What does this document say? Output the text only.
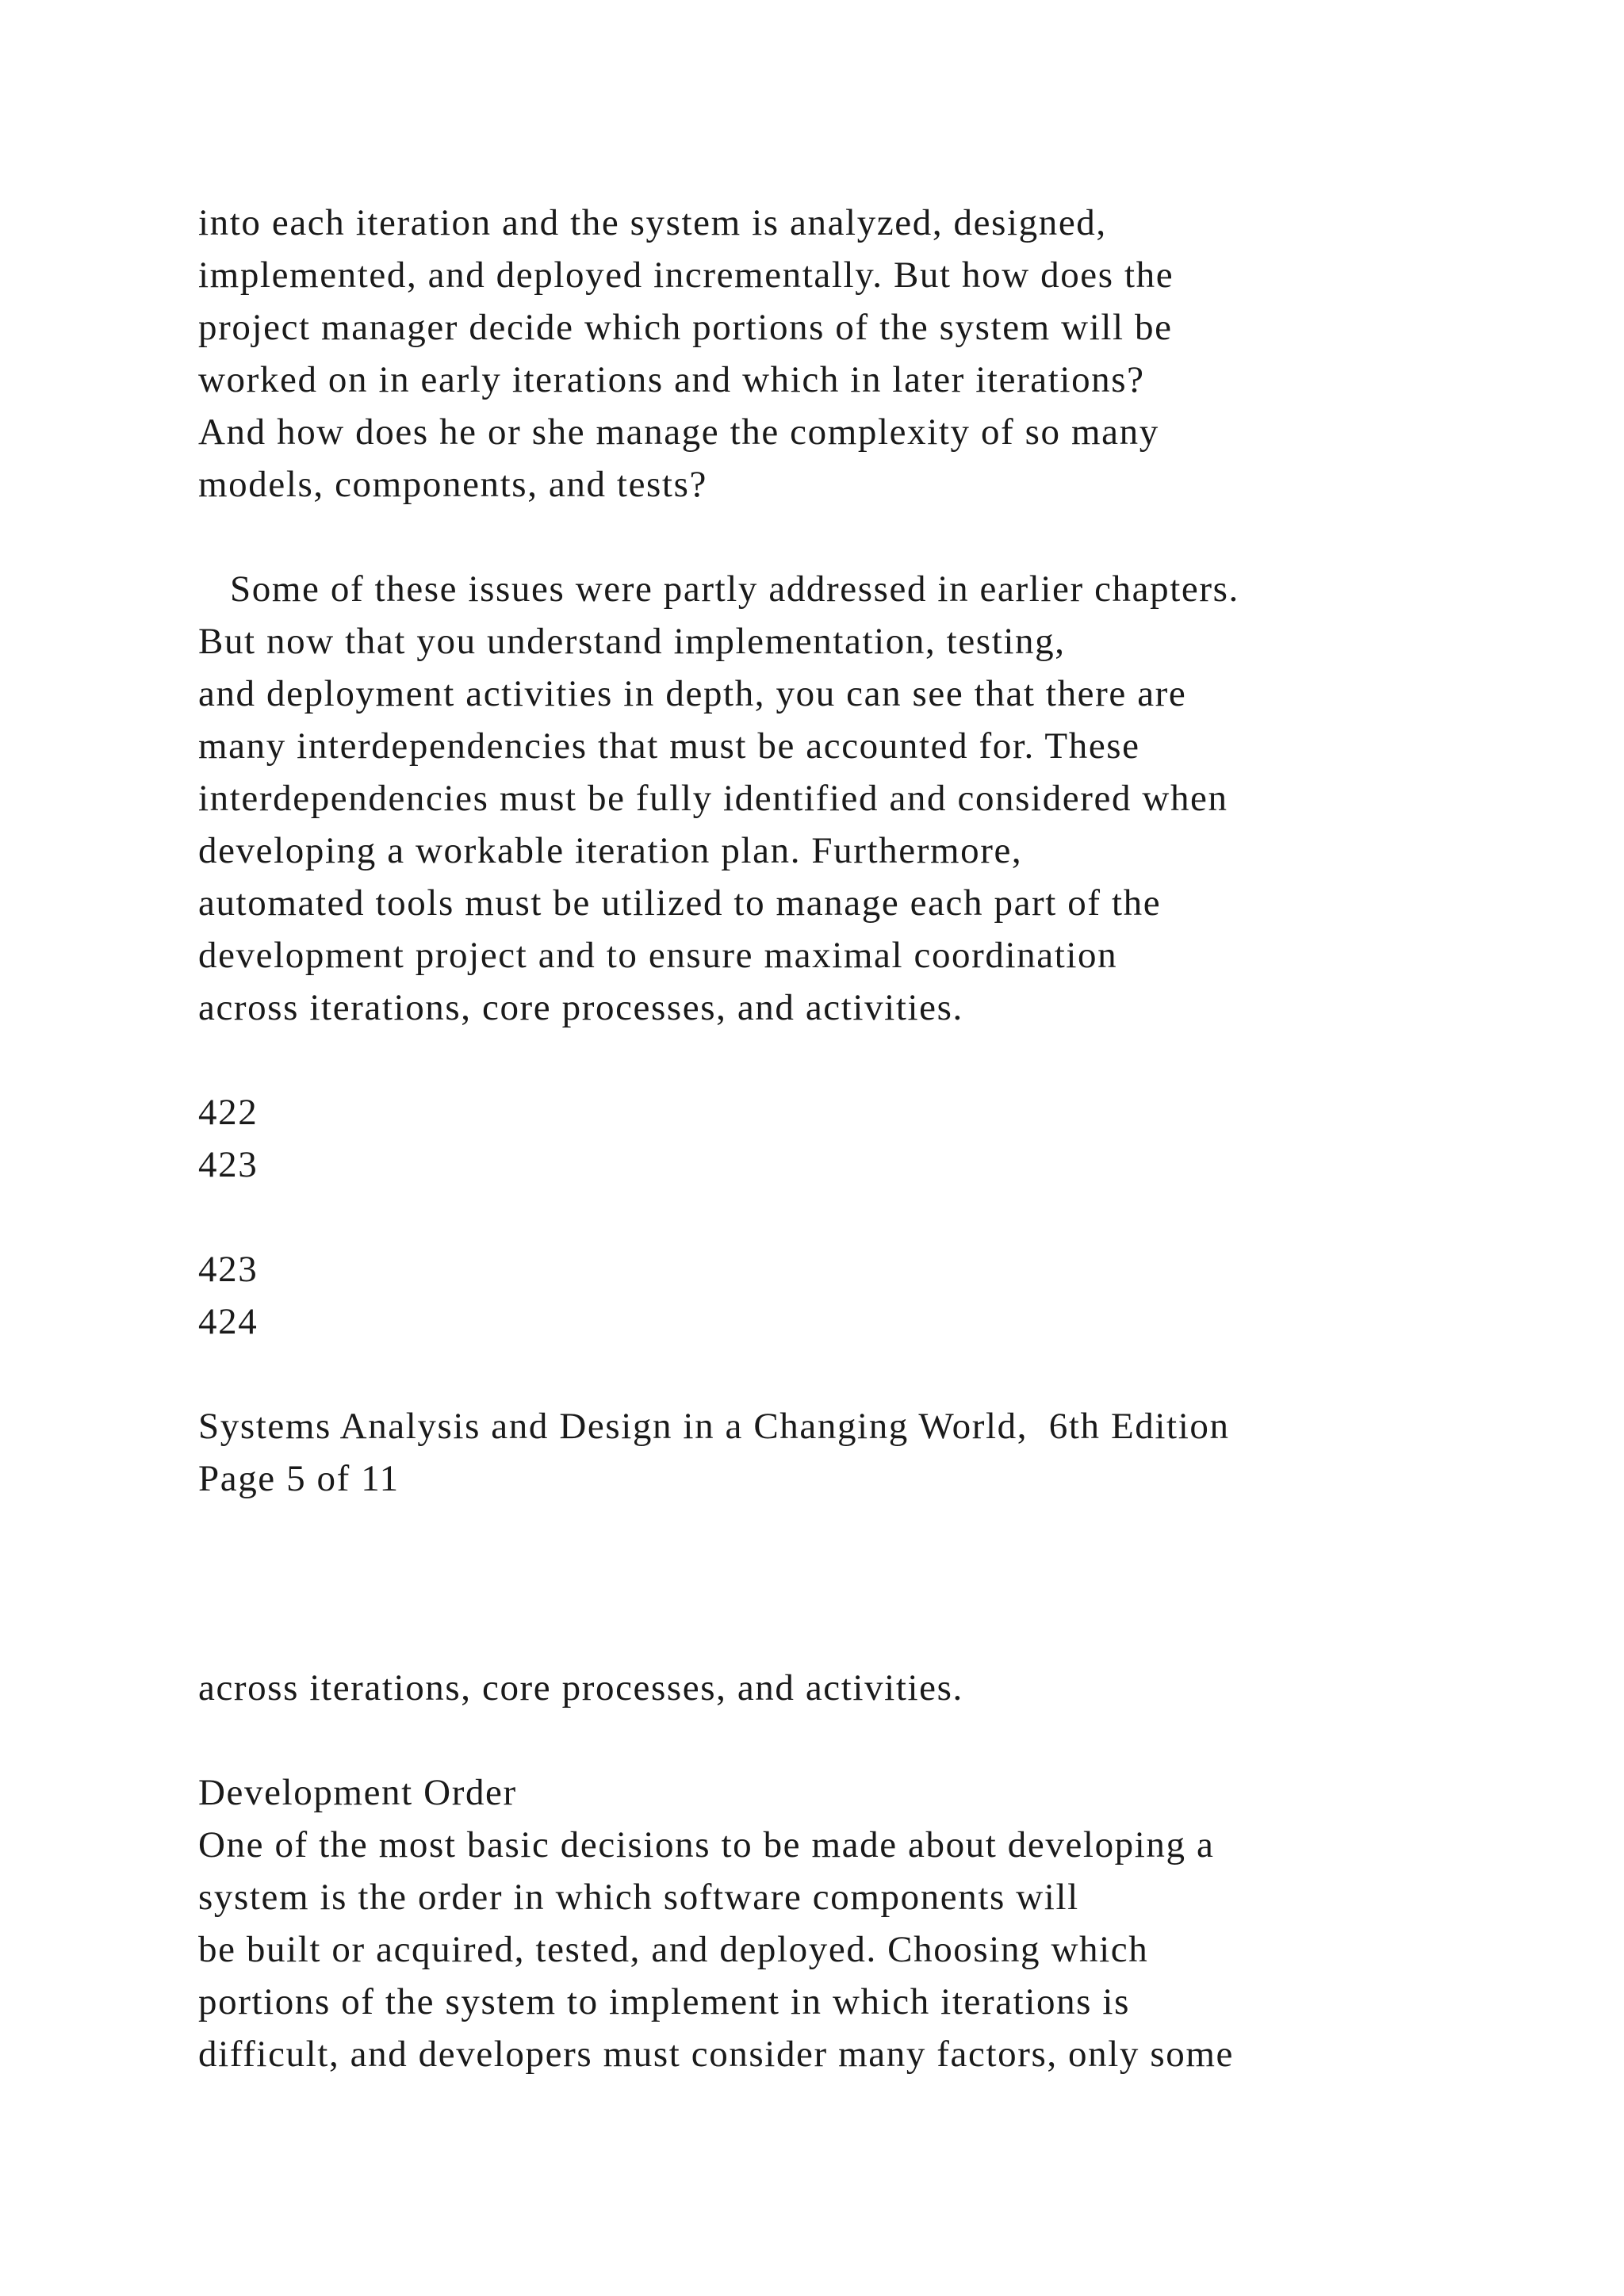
into each iteration and the system is analyzed, designed,
implemented, and deployed incrementally. But how does the
project manager decide which portions of the system will be
worked on in early iterations and which in later iterations?
And how does he or she manage the complexity of so many
models, components, and tests?
Some of these issues were partly addressed in earlier chapters.
But now that you understand implementation, testing,
and deployment activities in depth, you can see that there are
many interdependencies that must be accounted for. These
interdependencies must be fully identified and considered when
developing a workable iteration plan. Furthermore,
automated tools must be utilized to manage each part of the
development project and to ensure maximal coordination
across iterations, core processes, and activities.
422
423
423
424
Systems Analysis and Design in a Changing World,  6th Edition
Page 5 of 11
across iterations, core processes, and activities.
Development Order
One of the most basic decisions to be made about developing a
system is the order in which software components will
be built or acquired, tested, and deployed. Choosing which
portions of the system to implement in which iterations is
difficult, and developers must consider many factors, only some
